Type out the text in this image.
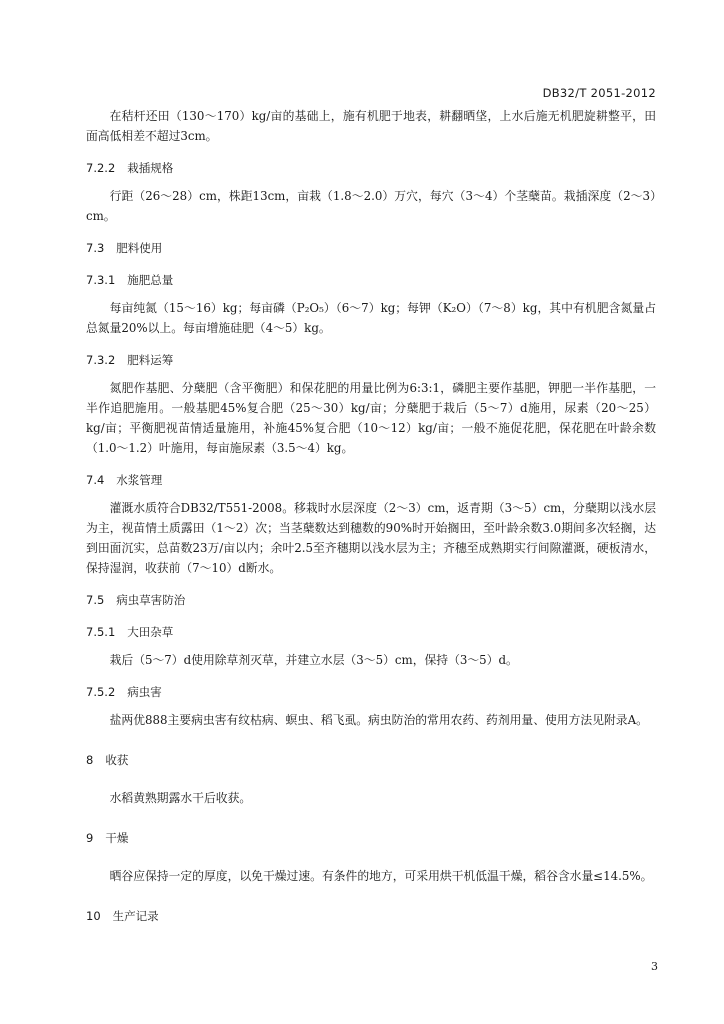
DB32/T 2051-2012

在秸杆还田（130～170）kg/亩的基础上，施有机肥于地表，耕翻晒垡，上水后施无机肥旋耕整平，田面高低相差不超过3cm。

7.2.2 栽插规格

行距（26～28）cm，株距13cm，亩栽（1.8～2.0）万穴，每穴（3～4）个茎蘖苗。栽插深度（2～3）cm。

7.3 肥料使用
7.3.1 施肥总量

每亩纯氮（15～16）kg；每亩磷（P₂O₅）（6～7）kg；每钾（K₂O）（7～8）kg，其中有机肥含氮量占总氮量20%以上。每亩增施硅肥（4～5）kg。

7.3.2 肥料运筹

氮肥作基肥、分蘖肥（含平衡肥）和保花肥的用量比例为6:3:1，磷肥主要作基肥，钾肥一半作基肥，一半作追肥施用。一般基肥45%复合肥（25～30）kg/亩；分蘖肥于栽后（5～7）d施用，尿素（20～25）kg/亩；平衡肥视苗情适量施用，补施45%复合肥（10～12）kg/亩；一般不施促花肥，保花肥在叶龄余数（1.0～1.2）叶施用，每亩施尿素（3.5～4）kg。

7.4 水浆管理

灌溉水质符合DB32/T551-2008。移栽时水层深度（2～3）cm，返青期（3～5）cm，分蘖期以浅水层为主，视苗情土质露田（1～2）次；当茎蘖数达到穗数的90%时开始搁田，至叶龄余数3.0期间多次轻搁，达到田面沉实，总苗数23万/亩以内；余叶2.5至齐穗期以浅水层为主；齐穗至成熟期实行间隙灌溉，硬板清水，保持湿润，收获前（7～10）d断水。

7.5 病虫草害防治
7.5.1 大田杂草

栽后（5～7）d使用除草剂灭草，并建立水层（3～5）cm，保持（3～5）d。

7.5.2 病虫害

盐两优888主要病虫害有纹枯病、螟虫、稻飞虱。病虫防治的常用农药、药剂用量、使用方法见附录A。

8 收获

水稻黄熟期露水干后收获。

9 干燥

晒谷应保持一定的厚度，以免干燥过速。有条件的地方，可采用烘干机低温干燥，稻谷含水量≤14.5%。

10 生产记录
3
